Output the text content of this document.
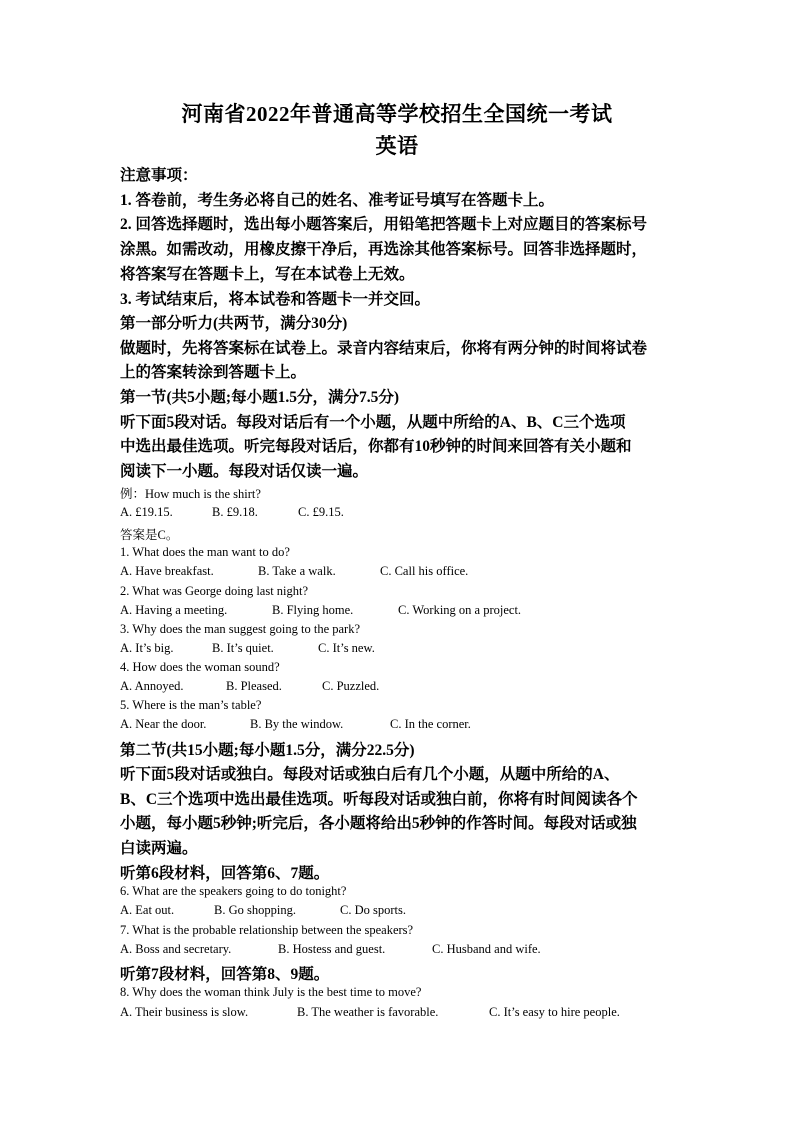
河南省2022年普通高等学校招生全国统一考试
英语
注意事项：
1. 答卷前，考生务必将自己的姓名、准考证号填写在答题卡上。
2. 回答选择题时，选出每小题答案后，用铅笔把答题卡上对应题目的答案标号
涂黑。如需改动，用橡皮擦干净后，再选涂其他答案标号。回答非选择题时，
将答案写在答题卡上，写在本试卷上无效。
3. 考试结束后，将本试卷和答题卡一并交回。
第一部分听力(共两节，满分30分)
做题时，先将答案标在试卷上。录音内容结束后，你将有两分钟的时间将试卷
上的答案转涂到答题卡上。
第一节(共5小题;每小题1.5分，满分7.5分)
听下面5段对话。每段对话后有一个小题，从题中所给的A、B、C三个选项
中选出最佳选项。听完每段对话后，你都有10秒钟的时间来回答有关小题和
阅读下一小题。每段对话仅读一遍。
例：How much is the shirt?
A. £19.15.	B. £9.18.	C. £9.15.
答案是C。
1. What does the man want to do?
A. Have breakfast.	B. Take a walk.	C. Call his office.
2. What was George doing last night?
A. Having a meeting.	B. Flying home.	C. Working on a project.
3. Why does the man suggest going to the park?
A. It’s big.	B. It’s quiet.	C. It’s new.
4. How does the woman sound?
A. Annoyed.	B. Pleased.	C. Puzzled.
5. Where is the man’s table?
A. Near the door.	B. By the window.	C. In the corner.
第二节(共15小题;每小题1.5分，满分22.5分)
听下面5段对话或独白。每段对话或独白后有几个小题，从题中所给的A、
B、C三个选项中选出最佳选项。听每段对话或独白前，你将有时间阅读各个
小题，每小题5秒钟;听完后，各小题将给出5秒钟的作答时间。每段对话或独
白读两遍。
听第6段材料，回答第6、7题。
6. What are the speakers going to do tonight?
A. Eat out.	B. Go shopping.	C. Do sports.
7. What is the probable relationship between the speakers?
A. Boss and secretary.	B. Hostess and guest.	C. Husband and wife.
听第7段材料，回答第8、9题。
8. Why does the woman think July is the best time to move?
A. Their business is slow.	B. The weather is favorable.	C. It’s easy to hire people.
